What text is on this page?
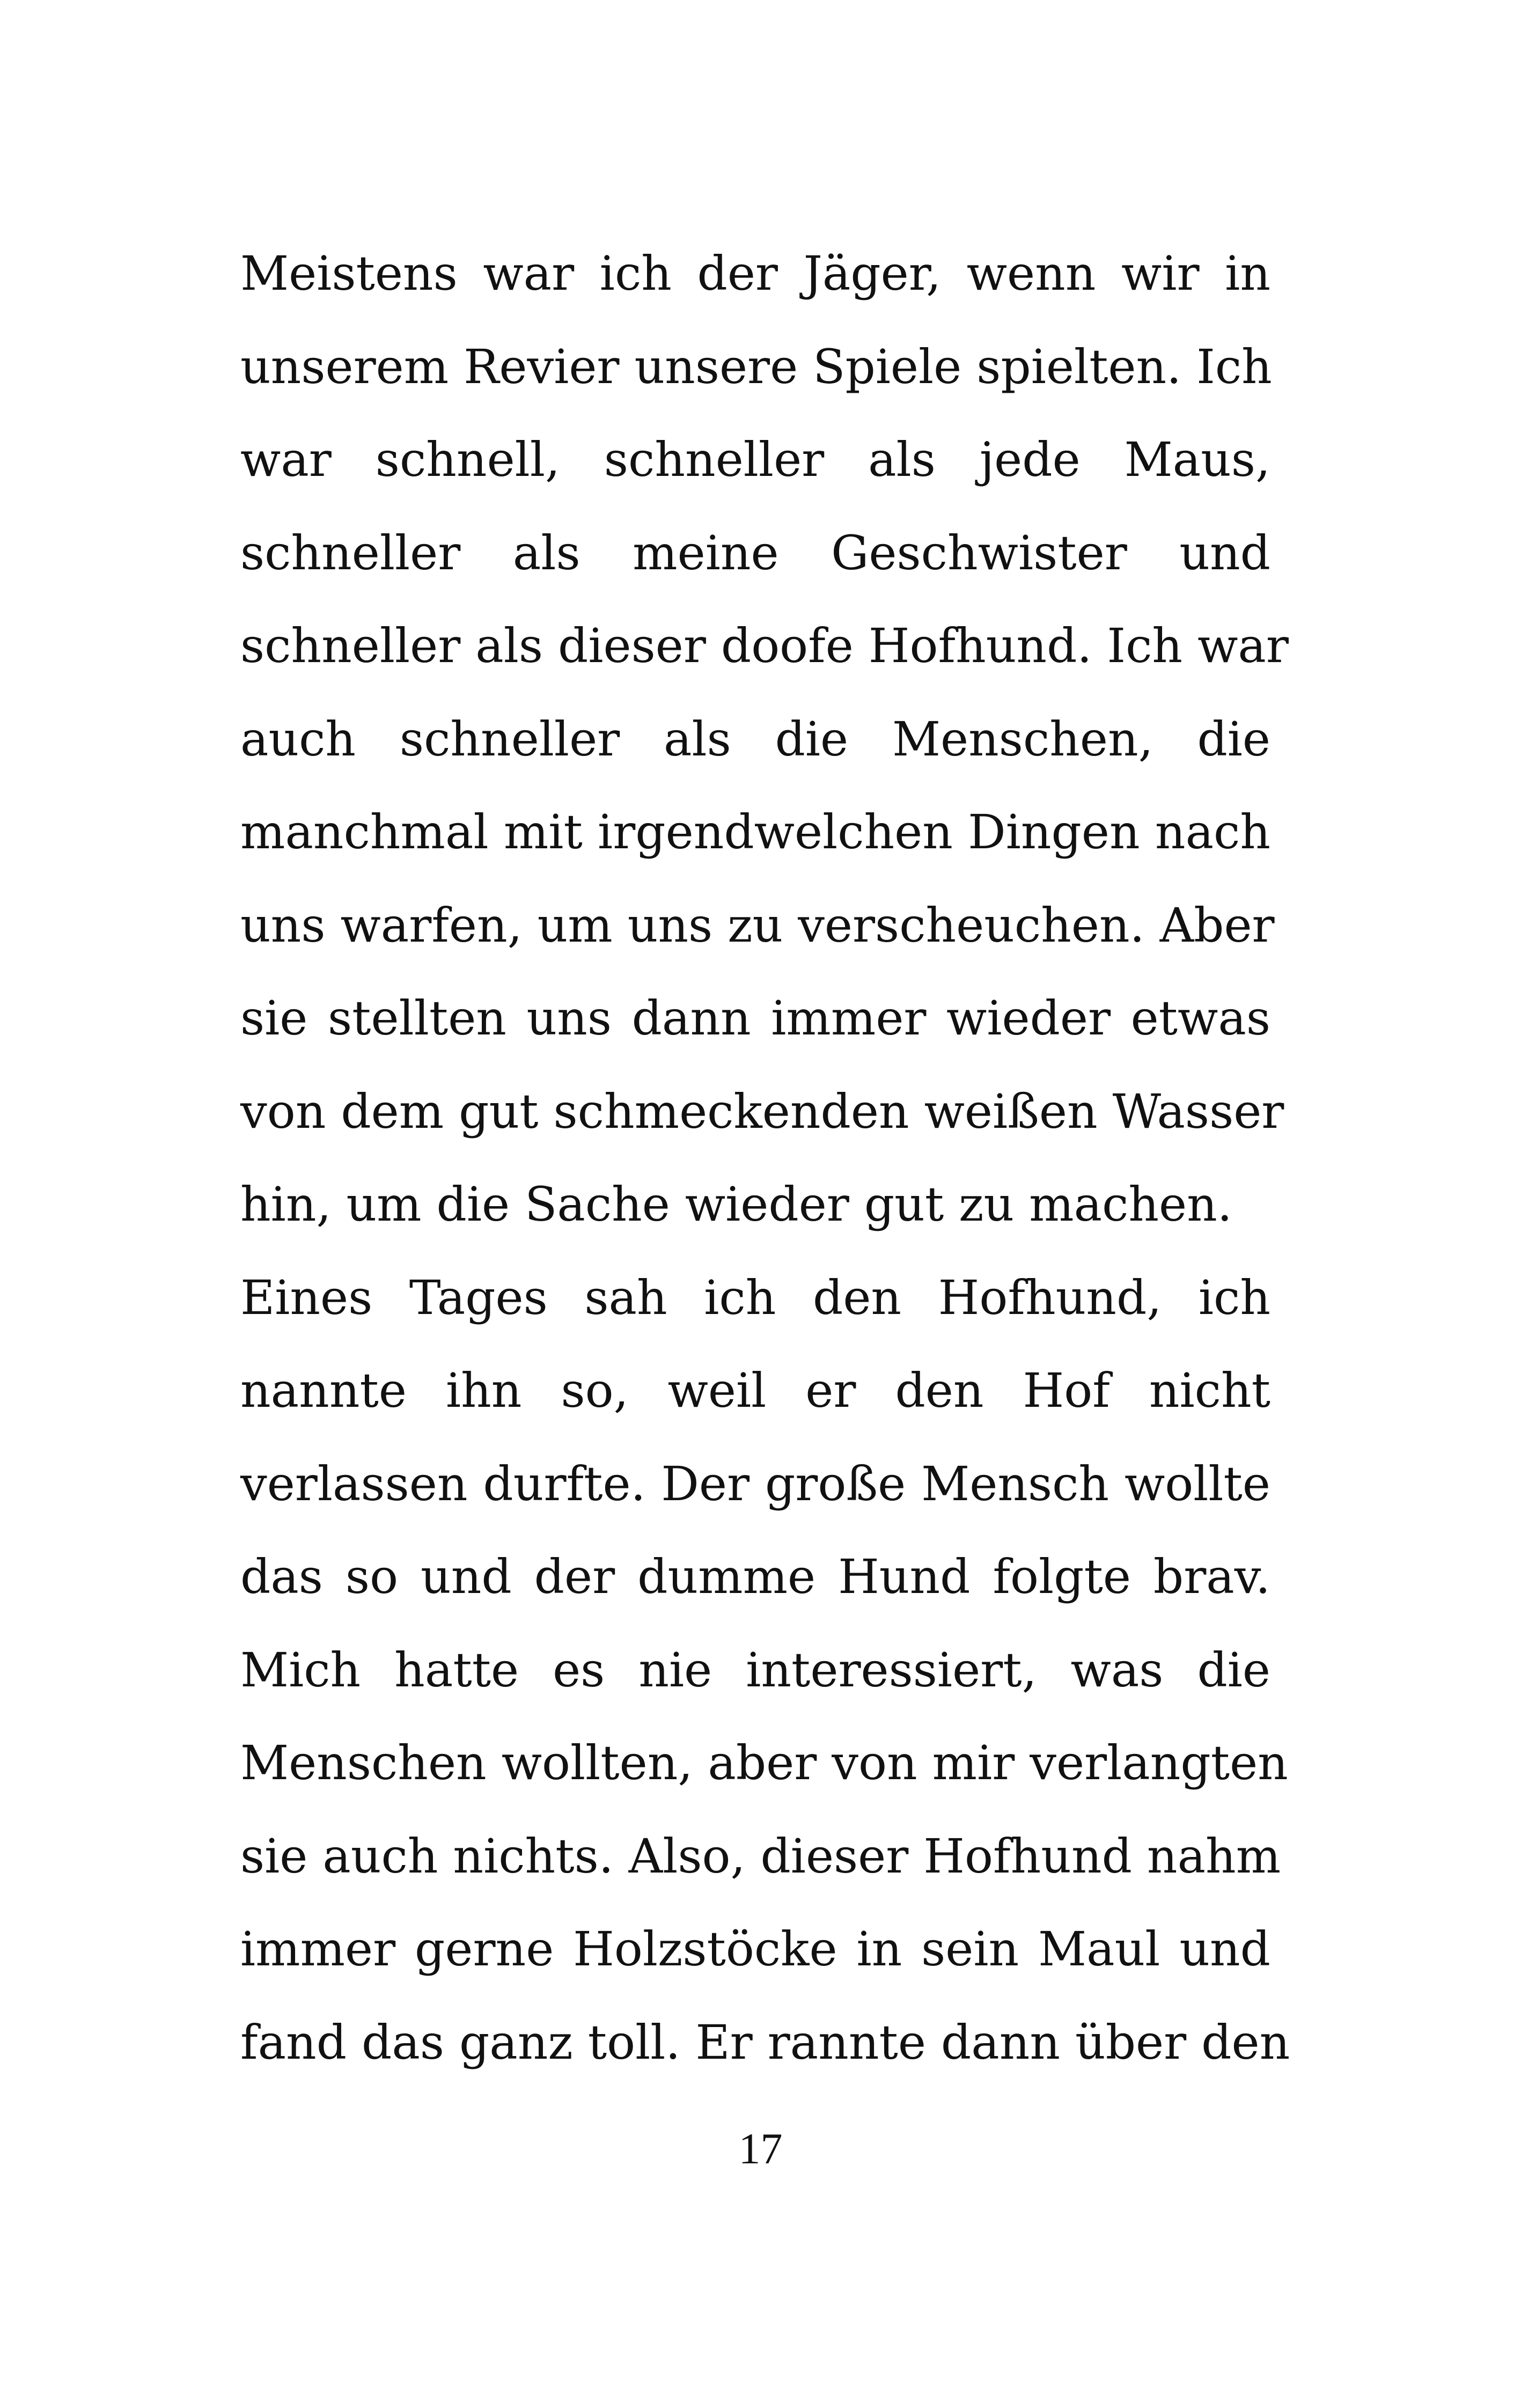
Meistens war ich der Jäger, wenn wir in
unserem Revier unsere Spiele spielten. Ich
war schnell, schneller als jede Maus,
schneller als meine Geschwister und
schneller als dieser doofe Hofhund. Ich war
auch schneller als die Menschen, die
manchmal mit irgendwelchen Dingen nach
uns warfen, um uns zu verscheuchen. Aber
sie stellten uns dann immer wieder etwas
von dem gut schmeckenden weißen Wasser
hin, um die Sache wieder gut zu machen.
Eines Tages sah ich den Hofhund, ich
nannte ihn so, weil er den Hof nicht
verlassen durfte. Der große Mensch wollte
das so und der dumme Hund folgte brav.
Mich hatte es nie interessiert, was die
Menschen wollten, aber von mir verlangten
sie auch nichts. Also, dieser Hofhund nahm
immer gerne Holzstöcke in sein Maul und
fand das ganz toll. Er rannte dann über den
17
